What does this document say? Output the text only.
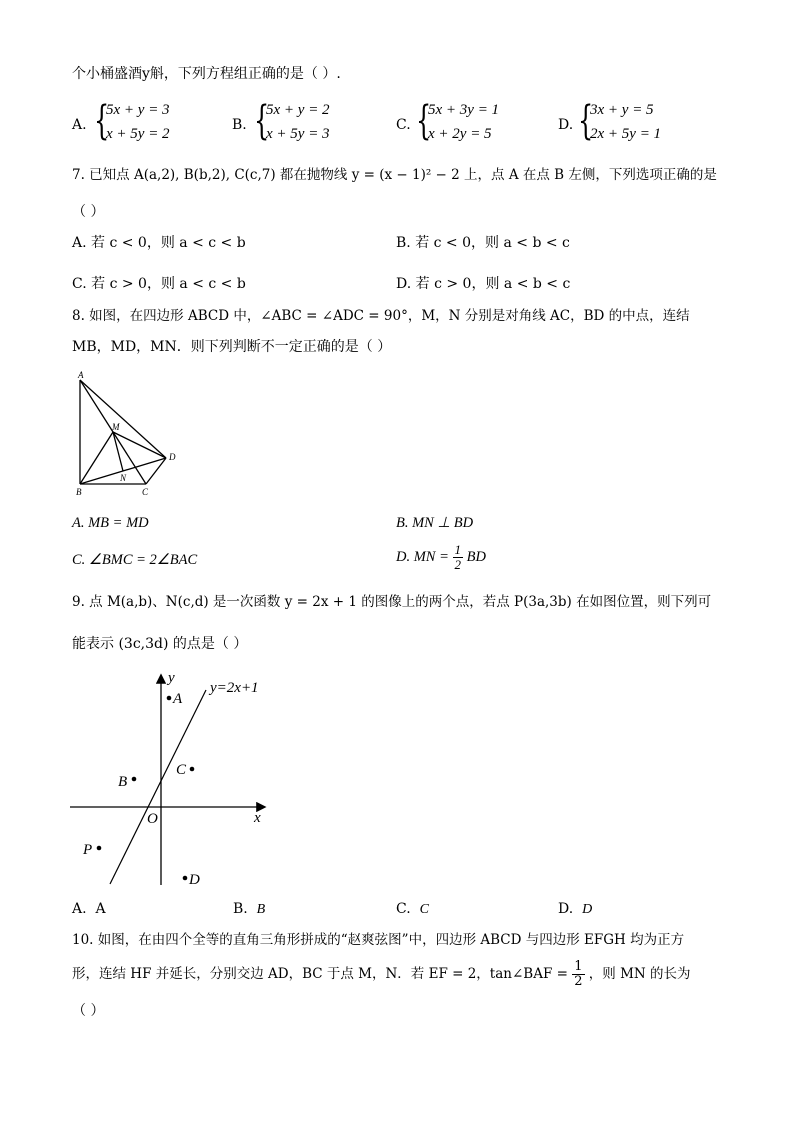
个小桶盛酒y斛，下列方程组正确的是（ ）.
A. {
5x + y = 3
x + 5y = 2
B. {
5x + y = 2
x + 5y = 3
C. {
5x + 3y = 1
x + 2y = 5
D. {
3x + y = 5
2x + 5y = 1
7. 已知点 A(a,2), B(b,2), C(c,7) 都在抛物线 y = (x − 1)² − 2 上，点 A 在点 B 左侧，下列选项正确的是
（ ）
A. 若 c < 0，则 a < c < b	B. 若 c < 0，则 a < b < c
C. 若 c > 0，则 a < c < b	D. 若 c > 0，则 a < b < c
8. 如图，在四边形 ABCD 中，∠ABC = ∠ADC = 90°，M，N 分别是对角线 AC，BD 的中点，连结
MB，MD，MN．则下列判断不一定正确的是（ ）
A
M
D
N
B	C
A. MB = MD	B. MN ⊥ BD
C. ∠BMC = 2∠BAC	D. MN = $\frac{1}{2}$ BD
9. 点 M(a,b)、N(c,d) 是一次函数 y = 2x + 1 的图像上的两个点，若点 P(3a,3b) 在如图位置，则下列可
能表示 (3c,3d) 的点是（ ）
x
y
O
y=2x+1
A
B
C
P
D
A. A	B. B	C. C	D. D
10. 如图，在由四个全等的直角三角形拼成的“赵爽弦图”中，四边形 ABCD 与四边形 EFGH 均为正方
形，连结 HF 并延长，分别交边 AD，BC 于点 M，N．若 EF = 2，tan∠BAF = $\frac{1}{2}$ ，则 MN 的长为
（ ）
